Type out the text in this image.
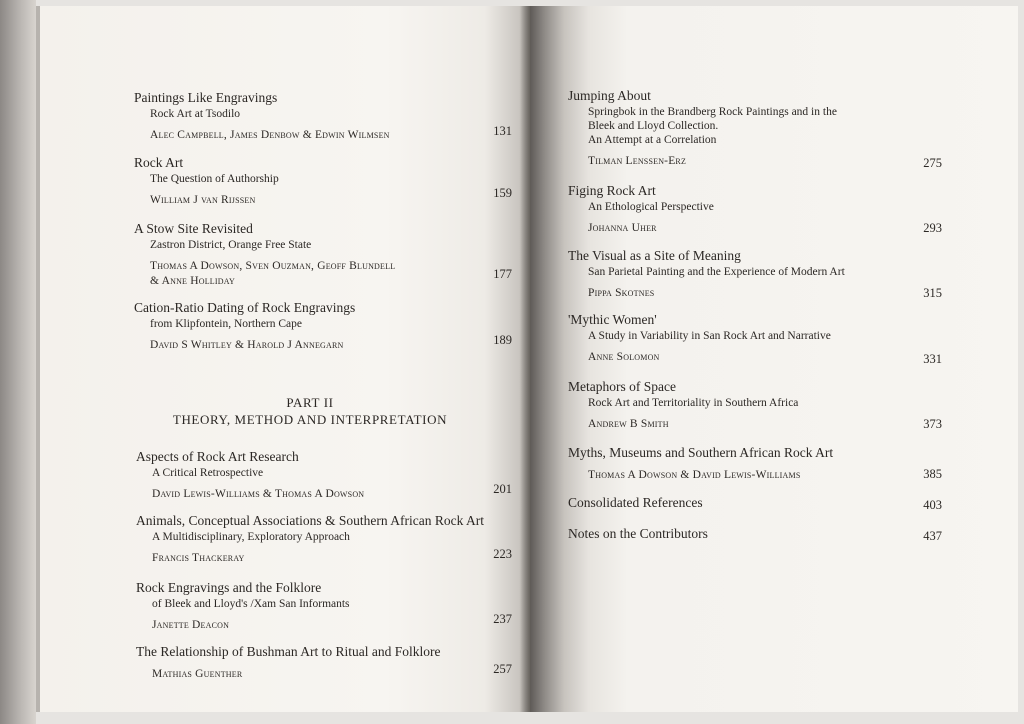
Paintings Like Engravings
Rock Art at Tsodilo
Alec Campbell, James Denbow & Edwin Wilmsen	131
Rock Art
The Question of Authorship
William J van Rijssen	159
A Stow Site Revisited
Zastron District, Orange Free State
Thomas A Dowson, Sven Ouzman, Geoff Blundell
& Anne Holliday	177
Cation-Ratio Dating of Rock Engravings
from Klipfontein, Northern Cape
David S Whitley & Harold J Annegarn	189
PART II
THEORY, METHOD AND INTERPRETATION
Aspects of Rock Art Research
A Critical Retrospective
David Lewis-Williams & Thomas A Dowson	201
Animals, Conceptual Associations & Southern African Rock Art
A Multidisciplinary, Exploratory Approach
Francis Thackeray	223
Rock Engravings and the Folklore
of Bleek and Lloyd's /Xam San Informants
Janette Deacon	237
The Relationship of Bushman Art to Ritual and Folklore
Mathias Guenther	257
Jumping About
Springbok in the Brandberg Rock Paintings and in the
Bleek and Lloyd Collection.
An Attempt at a Correlation
Tilman Lenssen-Erz	275
Figing Rock Art
An Ethological Perspective
Johanna Uher	293
The Visual as a Site of Meaning
San Parietal Painting and the Experience of Modern Art
Pippa Skotnes	315
'Mythic Women'
A Study in Variability in San Rock Art and Narrative
Anne Solomon	331
Metaphors of Space
Rock Art and Territoriality in Southern Africa
Andrew B Smith	373
Myths, Museums and Southern African Rock Art
Thomas A Dowson & David Lewis-Williams	385
Consolidated References	403
Notes on the Contributors	437
